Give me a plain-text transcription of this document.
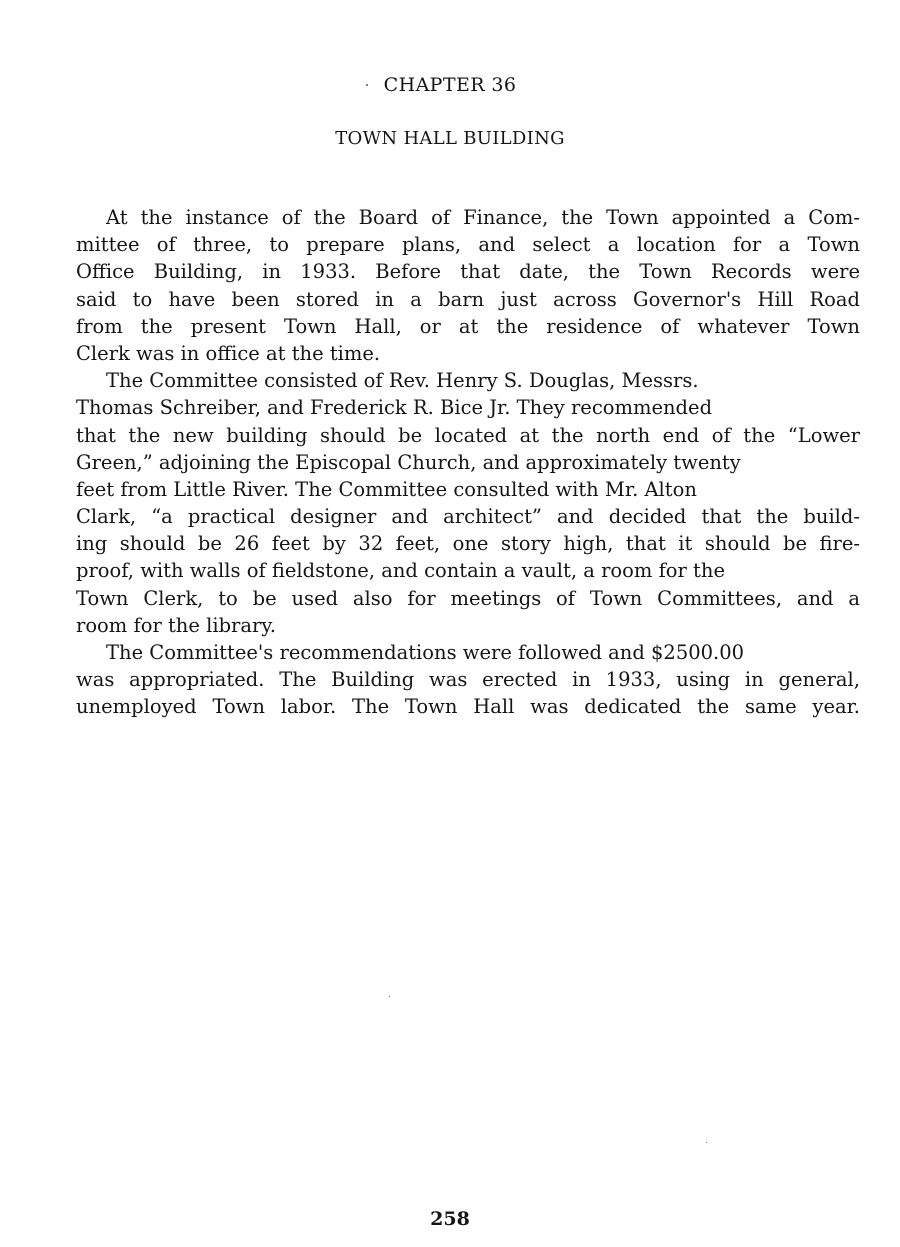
CHAPTER 36
TOWN HALL BUILDING
At the instance of the Board of Finance, the Town appointed a Com-
mittee of three, to prepare plans, and select a location for a Town
Office Building, in 1933. Before that date, the Town Records were
said to have been stored in a barn just across Governor's Hill Road
from the present Town Hall, or at the residence of whatever Town
Clerk was in office at the time.
The Committee consisted of Rev. Henry S. Douglas, Messrs.
Thomas Schreiber, and Frederick R. Bice Jr. They recommended
that the new building should be located at the north end of the “Lower
Green,” adjoining the Episcopal Church, and approximately twenty
feet from Little River. The Committee consulted with Mr. Alton
Clark, “a practical designer and architect” and decided that the build-
ing should be 26 feet by 32 feet, one story high, that it should be fire-
proof, with walls of fieldstone, and contain a vault, a room for the
Town Clerk, to be used also for meetings of Town Committees, and a
room for the library.
The Committee's recommendations were followed and $2500.00
was appropriated. The Building was erected in 1933, using in general,
unemployed Town labor. The Town Hall was dedicated the same year.
258
